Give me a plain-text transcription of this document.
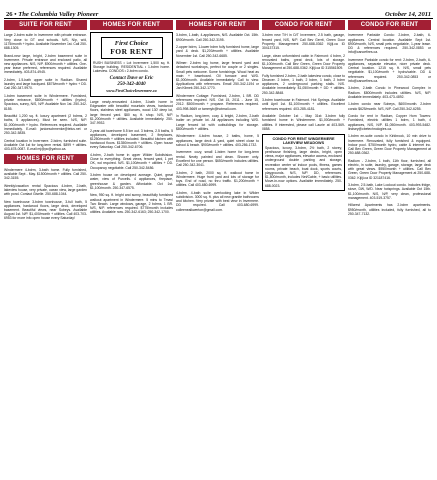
26 • The Columbia Valley Pioneer	October 14, 2011
SUITE FOR RENT

Large 2-bdrm suite in Invermere with private entrance. Very close to DT and schools. N/S, N/p, w/d, 1175/month + hydro. Available November 1st. Call 250-688-1305.

Brand-new large, bright, 2-bdrm basement suite in Invermere. Private entrance and enclosed patio, all new appliances. N/S, N/P. $900/month + utilities. One-year lease preferred, references required. Available immediately. 403-874-4945.

2-bdrm, 1.5-bath upper suite in Radium. Shared laundry and large backyard. $875/month + hydro + DD. Call 250-347-9970.

1-bdrm basement suite in Windermere. Furnished, private entrance, $800/month + utilities (hydro). Spacious, sunny, N/S, N/P. Available Nov 1st. 250-342-8155.

Beautiful 1,200 sq. ft. luxury apartment (2 bdrms, 2 baths, 5 appliances). Must be seen. N/S, N/P. $1,000/month + hydro. References required. Available immediately. E-mail: janiceschmenke@telus.net or 250-342-5835.

Central location in Invermere. 2-bdrm, furnished suite. Available Oct 1st for long-term rental. $899 + utilities. 403-678-0087. E-mail mj@pc@yahoo.ca.

HOMES FOR RENT

Windermere 4-bdrm, 3-bath home. Fully furnished, available Sept - May. $1500/month + utilities. Call 250-342-3155.

Weekly/vacation rental Spacious 4-bdrm, 2-bath, lakeview house, very private, ocean view, large garden with pond. Contact Giselle. 250-688-1044.

New townhouse 3-bdrm townhouse, 3-full bath, 5 appliances, hardwood floors, large deck, developed basement. Beautiful views, near Sobeys. Available August 1st. N/P. $1,400/month + utilities. Call 403-703-6953 for more info open house every Saturday!

HOMES FOR RENT
First Choice
FOR RENT
RUSH BUSINESS • Lot Invermere 1,500 sq. ft. Storage building. RESIDENTIAL • 1-bdrm home. Lakeview. CONDOS • 2-bdrm condo.
Contact Dave or Eric
250-342-4040
www.FirstChoiceInvermere.ca

Large newly-renovated 4-bdrm, 3-bath home in Edgewater with beautiful mountain views, hardwood floors, stainless steel appliances, wood 130' deep lot, large fenced yard. $80 sq. ft. shop. N/S, N/P. $1,200/month + utilities. Available immediately. 250-347-9932.

2-year-old townhome 5.5 km out. 3 bdrms, 2.5 baths, 5 appliances, developed basement, 2 fireplaces, $1250/month + utilities included. Beautiful kitchen with hardwood floors. $1350/month + utilities. Open house every Saturday. Call 250-342-6706.

4-bdrm, 2-bath home in upper Wilder Subdivision. Close to everything. Great views, fenced yard, 1 pet OK, wd required. N/S. $1,100/month + utilities + DD. Occupancy negotiable. Call 250-342-5486.

3-bdrm house on developed acreage. Quiet, great water, view of Purcells. 4 appliances, fireplace, greenhouse & garden. Affordable. Oct 1st. $1,100/month. 250-347-6575.

New, 950 sq. ft. bright and sunny, beautifully furnished walkout apartment in Windermere. 5 mins to Tmas/ Two Beach. Large windows, garage, 2 bdrms, 1 BR. N/S, N/P. references required. $775/month includes utilities. Available now. 250-342-6163; 250-342-1700.

HOMES FOR RENT

3-bdrm, 1-bath, 4-appliances, N/S. Available Oct. 15th. $900/month. Call 250-342-3195.

2-upper bdrm, 1-lower bdrm fully furnished home, large yard & deck. $1,200/month + utilities. Available November 1st. Call 250-342-6685.

Wilmer: 2-bdrm log home, large fenced yard and detached workshops, perfect for couple or 2 singles. Small pets welcome. Some furnishings. Wood heat as main + baseboard. Oil furnace and W/D. $1,000/month. Available immediately. Call to view. Applications with references. Email 250-342-1194 or Jan Klimek 250-342-1770.

Windermere Cottage: Furnished, 2-bdrm, 1 BR. DD references required. N/S. Oct 15, 2011 - June 15, 2012. $500/month + propane. References required. 403-998-5669 or tammyb@hotmail.com.

In Radium, long-term, cozy & bright, 2-bdrm, 2-bath trailer on private lot. All appliances including W/D. Large fenced lot with outbuildings for storage. $800/month + utilities.

Windermere: 4-bdrm house, 2 baths, home, 5 appliances, large deck & yard, quiet street close to school & beach. $900/month + utilities. 403-286-1732.

Invermere: cozy, small 1-bdrm home for long-term rental. Newly painted and clean. Shower only. Excellent for one person. $650/month includes utilities. Call 250-342-3041.

3-bdrm, 2 bath, 2000 sq. ft. walkout home in Windermere. Huge front yard and lots of storage for toys. End of road, no thru traffic. $1,200/month + utilities. Call 403-680-6999.

4-bdrm, 4-bath suite overlooking lake in Wilder subdivision. 3000 sq. ft. plus all new granite bathrooms and kitchen. Very private with best view in Invermere. DD required. Call 403-680-6999. colleenealkwerton@gmail.com.

CONDO FOR RENT

3-bdrm new T/H in D/T Invermere, 2.5 bath, garage, fenced yard, N/S, N/P. Call Bev Gerrit, Green Door Property Management 250-688-0362 Kijiji.ca ID 304137315.

Large, clean unfurnished cabin in Fairmont: 4 bdrm, 2 renovated baths, great deck, lots of storage. $1,100/month. Call Bev Green, Green Door Property Management at 250-688-0362. Kijiji.ca ID 315561509.

Fully furnished 2-bdrm, 2-bath lakeview condo, close to Dinarcer. 2 bdrm, 1 bath, 2 bdrm, 1 bath, 2 bdrm appliances, 2 underground parking stalls. N/S. Available immediately. $1,050/month + DD + utilities. 250-342-8848.

3-bdrm townhouse in Fairmont. Hot Springs. Available until April 1st. $1,100/month + utilities. Excellent references required. 403-285-4181.

Available October 1st - May 31st: 3-bdrm fully furnished home in Windermere. $1,000/month + utilities. If interested, please call Laurie at 403-569-0858.

CONDO FOR RENT WINDERMERE LAKEVIEW MEADOWS
Spacious, luxury, 3-bdrm, 2½ bath, 2 storey, penthouse finishing, large decks, bright, open views, major appliances, elevator access, enclosed underground double parking and storage, recreation center w/ indoor pools, fitness, games rooms, private beach, boat dock, sports courts, playgrounds. N/S, N/P. DD, references. $1,800/month, includes Net/Cable, + basic utilities. Move-in-now options. Available immediately. 250-688-0023.
CONDO FOR RENT

Invermere Parkside Condo: 2-bdrm, 2-bath, 6-appliances. Central location. Available Sept 1st. $900/month, N/S, small pets negotiable, 1-year lease. DD & references required. 250-342-0853 or info@canoefires.ca.

Invermere Parkside condo for rent: 2-bdrm, 2-bath, 6-appliances, separate elevator, nicer private deck. Central location. 1215 sq. ft. N/S, small pets negotiable. $1,100/month + hydro/cable. DD & references required. 250-342-0853 or info@canoefires.ca.

3-bdrm, 2-bath Condo in Pinewood Complex in Radium. $800/month includes utilities. N/S, N/P. Available immediately. 403-473-4892.

1-bdrm condo near Sobeys, $600/month. 2-bdrm condo $625/month. N/S, N/P. Call 250-342-6255.

Condo for rent in Radium, Copper Horn Towers: Furnished, electric utilities 1 bdrm, 1 bath, 4 appliances, N/S, N/P. $1,050/month. 403-993-5482. lindsey@cbetechnologies.ca.

1-bdrm en-suite condo in Kirkbrook, 10 min drive to Invermere. Renovated, fully furnished & equipped. Indoor pool. $750/month hydro, cable & internet inc. Call Bev Green, Green Door Property Management at 250-688-0362.

Radium - 2-bdrm, 1 bath, 11th floor, furnished, all electric, in suite, laundry, garage, storage, large deck with great views. $950/month + utilities. Call Bev Green, Green Door Property Management at 250-688-0362. Kijiji.ca ID 321187416.

3-bdrm, 2.5-bath, Lake Lookout condo. Includes fridge, stove, DW, W/D. Near hotsprings. Available Oct 15th. $1,100/month. N/S, N/P, very clean, professional management. 403-519-3757.

Hillcrest Apartments has 2-bdrm apartments. $950/month, utilities included, fully furnished, all to 250-347-7132.
